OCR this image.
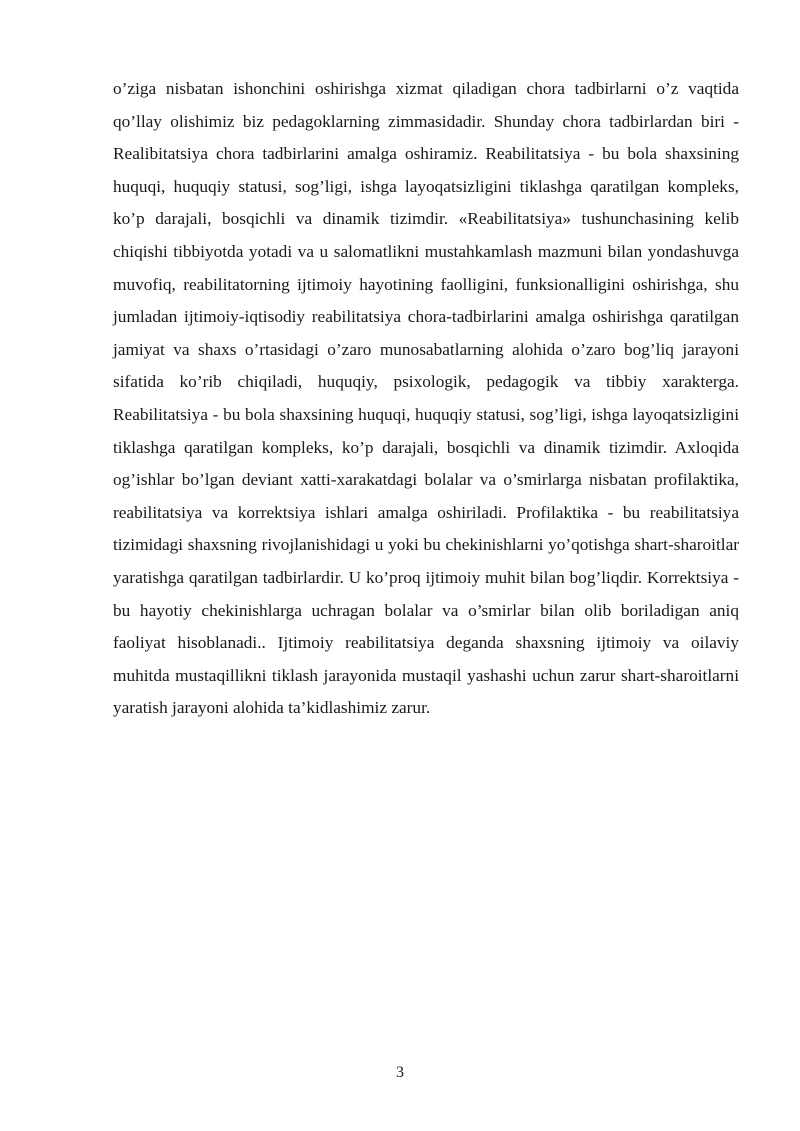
o’ziga nisbatan ishonchini oshirishga xizmat qiladigan chora tadbirlarni o’z vaqtida qo’llay olishimiz biz pedagoklarning zimmasidadir. Shunday chora tadbirlardan biri - Realibitatsiya chora tadbirlarini amalga oshiramiz. Reabilitatsiya - bu bola shaxsining huquqi, huquqiy statusi, sog’ligi, ishga layoqatsizligini tiklashga qaratilgan kompleks, ko’p darajali, bosqichli va dinamik tizimdir. «Reabilitatsiya» tushunchasining kelib chiqishi tibbiyotda yotadi va u salomatlikni mustahkamlash mazmuni bilan yondashuvga muvofiq, reabilitatorning ijtimoiy hayotining faolligini, funksionalligini oshirishga, shu jumladan ijtimoiy-iqtisodiy reabilitatsiya chora-tadbirlarini amalga oshirishga qaratilgan jamiyat va shaxs o’rtasidagi o’zaro munosabatlarning alohida o’zaro bog’liq jarayoni sifatida ko’rib chiqiladi, huquqiy, psixologik, pedagogik va tibbiy xarakterga. Reabilitatsiya - bu bola shaxsining huquqi, huquqiy statusi, sog’ligi, ishga layoqatsizligini tiklashga qaratilgan kompleks, ko’p darajali, bosqichli va dinamik tizimdir. Axloqida og’ishlar bo’lgan deviant xatti-xarakatdagi bolalar va o’smirlarga nisbatan profilaktika, reabilitatsiya va korrektsiya ishlari amalga oshiriladi. Profilaktika - bu reabilitatsiya tizimidagi shaxsning rivojlanishidagi u yoki bu chekinishlarni yo’qotishga shart-sharoitlar yaratishga qaratilgan tadbirlardir. U ko’proq ijtimoiy muhit bilan bog’liqdir. Korrektsiya - bu hayotiy chekinishlarga uchragan bolalar va o’smirlar bilan olib boriladigan aniq faoliyat hisoblanadi.. Ijtimoiy reabilitatsiya deganda shaxsning ijtimoiy va oilaviy muhitda mustaqillikni tiklash jarayonida mustaqil yashashi uchun zarur shart-sharoitlarni yaratish jarayoni alohida ta’kidlashimiz zarur.

3
